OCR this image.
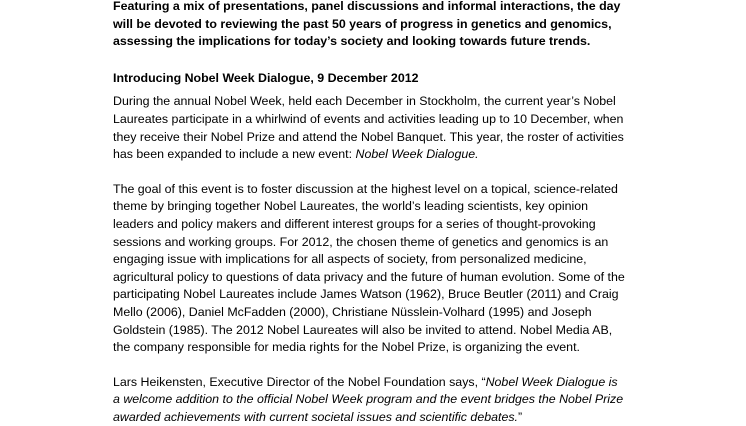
Featuring a mix of presentations, panel discussions and informal interactions, the day
will be devoted to reviewing the past 50 years of progress in genetics and genomics,
assessing the implications for today’s society and looking towards future trends.

Introducing Nobel Week Dialogue, 9 December 2012

During the annual Nobel Week, held each December in Stockholm, the current year’s Nobel
Laureates participate in a whirlwind of events and activities leading up to 10 December, when
they receive their Nobel Prize and attend the Nobel Banquet. This year, the roster of activities
has been expanded to include a new event: Nobel Week Dialogue.

The goal of this event is to foster discussion at the highest level on a topical, science-related
theme by bringing together Nobel Laureates, the world’s leading scientists, key opinion
leaders and policy makers and different interest groups for a series of thought-provoking
sessions and working groups. For 2012, the chosen theme of genetics and genomics is an
engaging issue with implications for all aspects of society, from personalized medicine,
agricultural policy to questions of data privacy and the future of human evolution. Some of the
participating Nobel Laureates include James Watson (1962), Bruce Beutler (2011) and Craig
Mello (2006), Daniel McFadden (2000), Christiane Nüsslein-Volhard (1995) and Joseph
Goldstein (1985). The 2012 Nobel Laureates will also be invited to attend. Nobel Media AB,
the company responsible for media rights for the Nobel Prize, is organizing the event.

Lars Heikensten, Executive Director of the Nobel Foundation says, “Nobel Week Dialogue is
a welcome addition to the official Nobel Week program and the event bridges the Nobel Prize
awarded achievements with current societal issues and scientific debates.”
